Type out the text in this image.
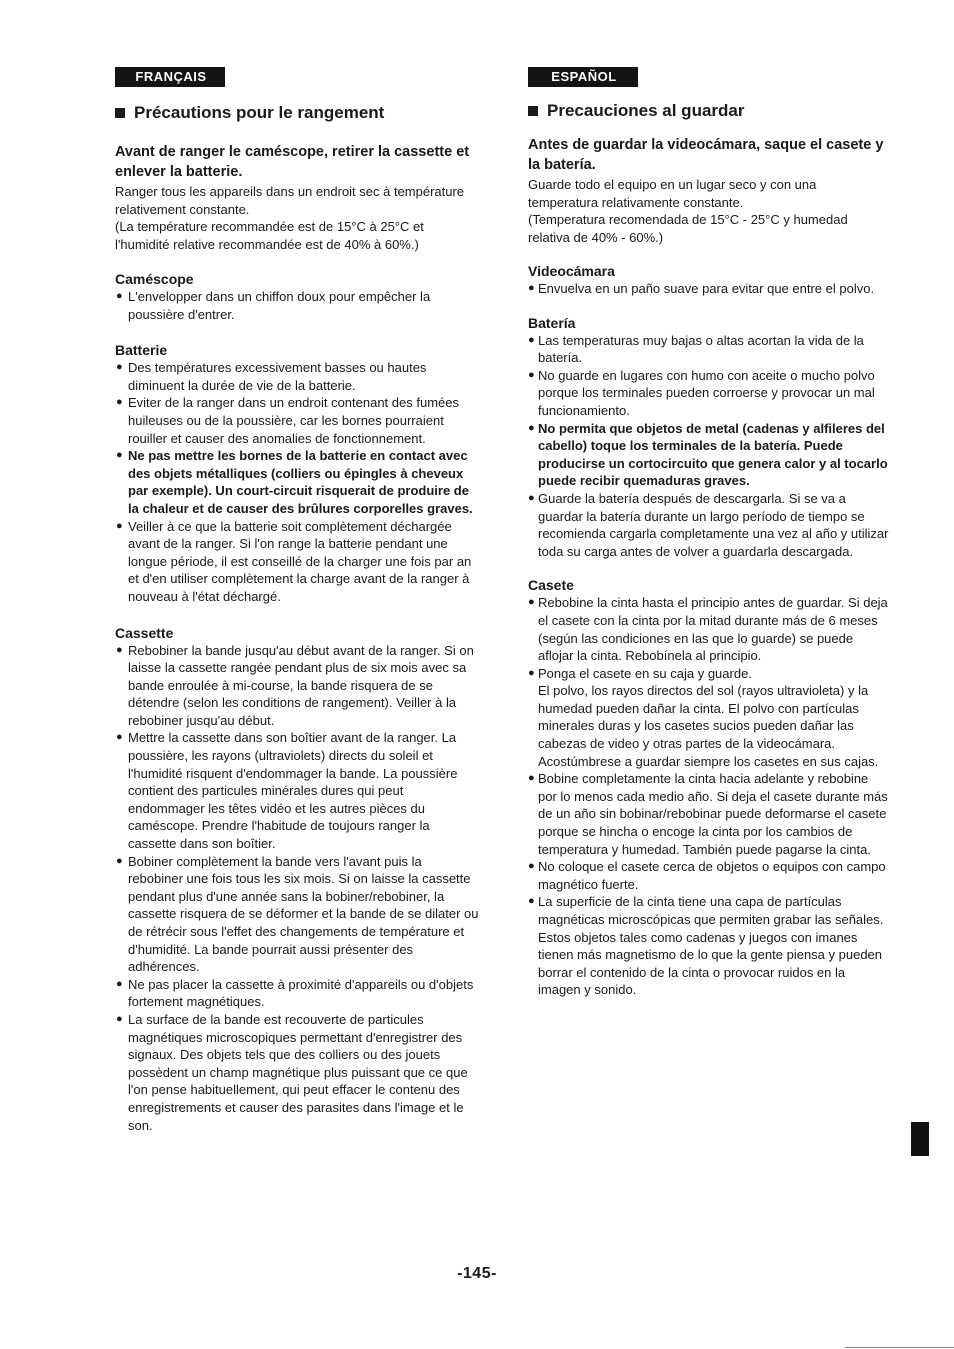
FRANÇAIS
Précautions pour le rangement

Avant de ranger le caméscope, retirer la cassette et enlever la batterie.

Ranger tous les appareils dans un endroit sec à température relativement constante.

(La température recommandée est de 15°C à 25°C et l'humidité relative recommandée est de 40% à 60%.)

Caméscope
● L'envelopper dans un chiffon doux pour empêcher la poussière d'entrer.
Batterie
● Des températures excessivement basses ou hautes diminuent la durée de vie de la batterie.
● Eviter de la ranger dans un endroit contenant des fumées huileuses ou de la poussière, car les bornes pourraient rouiller et causer des anomalies de fonctionnement.
● Ne pas mettre les bornes de la batterie en contact avec des objets métalliques (colliers ou épingles à cheveux par exemple). Un court-circuit risquerait de produire de la chaleur et de causer des brûlures corporelles graves.
● Veiller à ce que la batterie soit complètement déchargée avant de la ranger. Si l'on range la batterie pendant une longue période, il est conseillé de la charger une fois par an et d'en utiliser complètement la charge avant de la ranger à nouveau à l'état déchargé.
Cassette
● Rebobiner la bande jusqu'au début avant de la ranger. Si on laisse la cassette rangée pendant plus de six mois avec sa bande enroulée à mi-course, la bande risquera de se détendre (selon les conditions de rangement). Veiller à la rebobiner jusqu'au début.
● Mettre la cassette dans son boîtier avant de la ranger. La poussière, les rayons (ultraviolets) directs du soleil et l'humidité risquent d'endommager la bande. La poussière contient des particules minérales dures qui peut endommager les têtes vidéo et les autres pièces du caméscope. Prendre l'habitude de toujours ranger la cassette dans son boîtier.
● Bobiner complètement la bande vers l'avant puis la rebobiner une fois tous les six mois. Si on laisse la cassette pendant plus d'une année sans la bobiner/rebobiner, la cassette risquera de se déformer et la bande de se dilater ou de rétrécir sous l'effet des changements de température et d'humidité. La bande pourrait aussi présenter des adhérences.
● Ne pas placer la cassette à proximité d'appareils ou d'objets fortement magnétiques.
● La surface de la bande est recouverte de particules magnétiques microscopiques permettant d'enregistrer des signaux. Des objets tels que des colliers ou des jouets possèdent un champ magnétique plus puissant que ce que l'on pense habituellement, qui peut effacer le contenu des enregistrements et causer des parasites dans l'image et le son.
ESPAÑOL
Precauciones al guardar

Antes de guardar la videocámara, saque el casete y la batería.

Guarde todo el equipo en un lugar seco y con una temperatura relativamente constante.

(Temperatura recomendada de 15°C - 25°C y humedad relativa de 40% - 60%.)

Videocámara
● Envuelva en un paño suave para evitar que entre el polvo.
Batería
● Las temperaturas muy bajas o altas acortan la vida de la batería.
● No guarde en lugares con humo con aceite o mucho polvo porque los terminales pueden corroerse y provocar un mal funcionamiento.
● No permita que objetos de metal (cadenas y alfileres del cabello) toque los terminales de la batería. Puede producirse un cortocircuito que genera calor y al tocarlo puede recibir quemaduras graves.
● Guarde la batería después de descargarla. Si se va a guardar la batería durante un largo período de tiempo se recomienda cargarla completamente una vez al año y utilizar toda su carga antes de volver a guardarla descargada.
Casete
● Rebobine la cinta hasta el principio antes de guardar. Si deja el casete con la cinta por la mitad durante más de 6 meses (según las condiciones en las que lo guarde) se puede aflojar la cinta. Rebobínela al principio.
● Ponga el casete en su caja y guarde.
El polvo, los rayos directos del sol (rayos ultravioleta) y la humedad pueden dañar la cinta. El polvo con partículas minerales duras y los casetes sucios pueden dañar las cabezas de video y otras partes de la videocámara. Acostúmbrese a guardar siempre los casetes en sus cajas.
● Bobine completamente la cinta hacia adelante y rebobine por lo menos cada medio año. Si deja el casete durante más de un año sin bobinar/rebobinar puede deformarse el casete porque se hincha o encoge la cinta por los cambios de temperatura y humedad. También puede pagarse la cinta.
● No coloque el casete cerca de objetos o equipos con campo magnético fuerte.
● La superficie de la cinta tiene una capa de partículas magnéticas microscópicas que permiten grabar las señales. Estos objetos tales como cadenas y juegos con imanes tienen más magnetismo de lo que la gente piensa y pueden borrar el contenido de la cinta o provocar ruidos en la imagen y sonido.
-145-
